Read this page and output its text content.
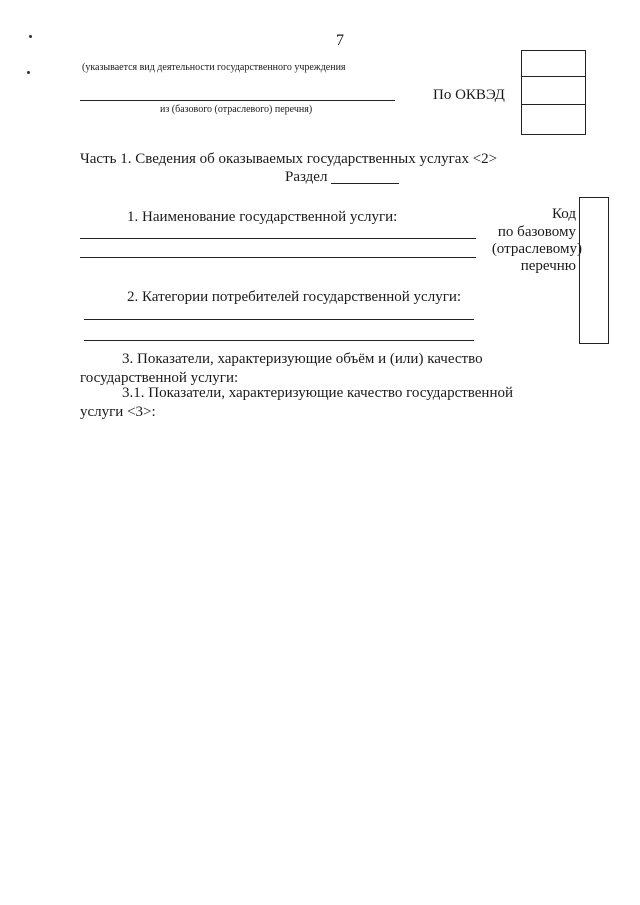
7
(указывается вид деятельности государственного учреждения
из (базового (отраслевого) перечня)
По ОКВЭД
Часть 1. Сведения об оказываемых государственных услугах <2>
Раздел
1. Наименование государственной услуги:	Код
по базовому
(отраслевому)
перечню
2. Категории потребителей государственной услуги:
3. Показатели, характеризующие объём и (или) качество
государственной услуги:
3.1. Показатели, характеризующие качество государственной
услуги <3>:
